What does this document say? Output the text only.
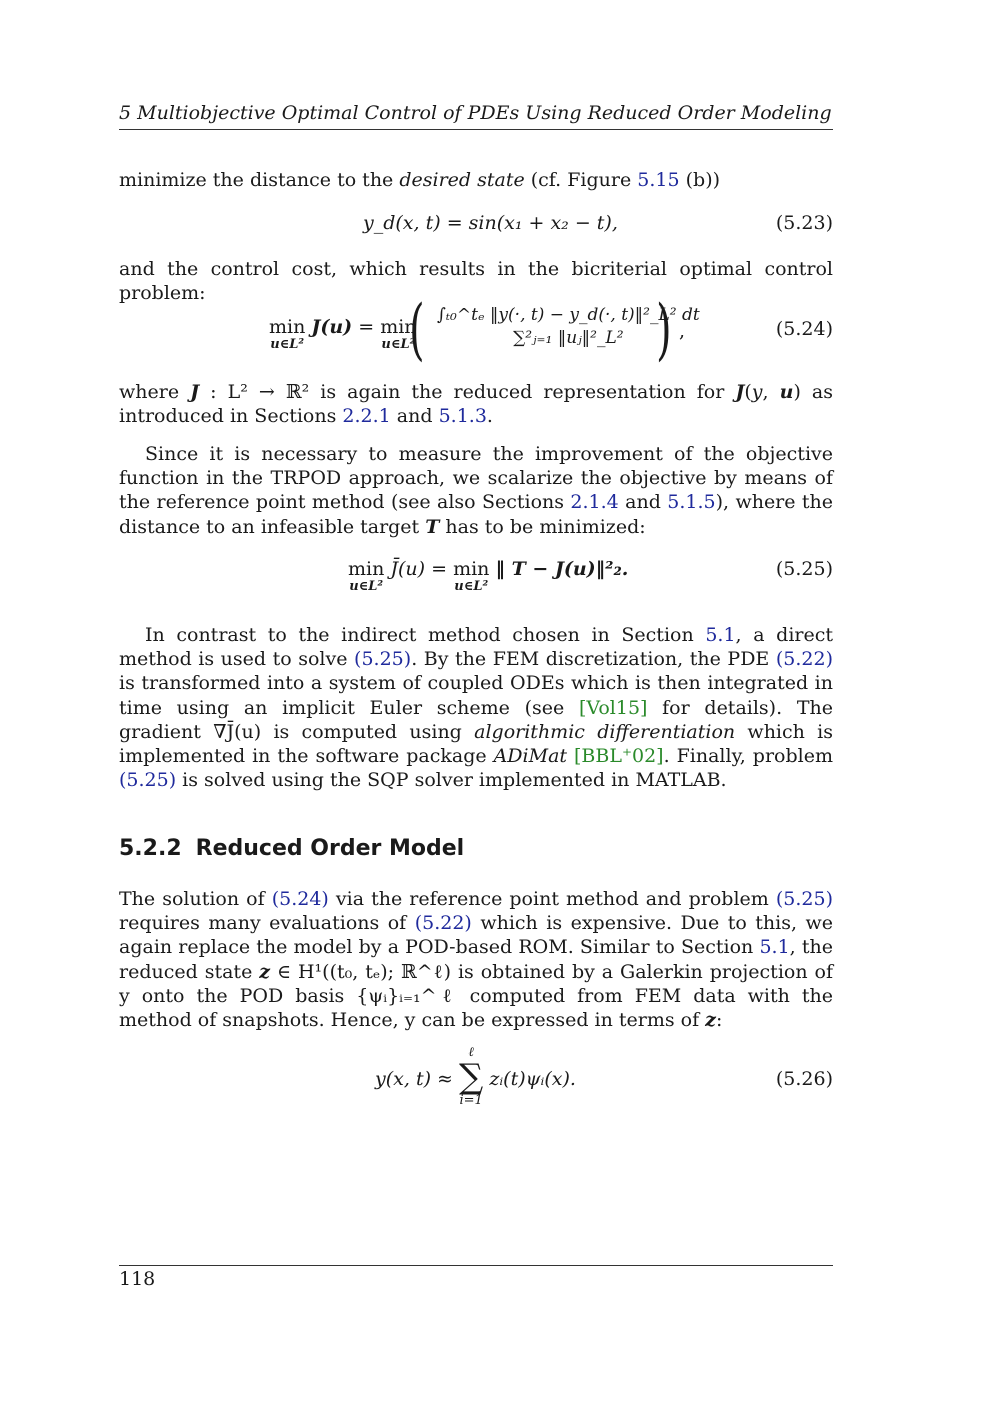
5 Multiobjective Optimal Control of PDEs Using Reduced Order Modeling
minimize the distance to the desired state (cf. Figure 5.15 (b))
y_d(x, t) = sin(x₁ + x₂ − t),	(5.23)
and the control cost, which results in the bicriterial optimal control problem:
min
u∈L²
J(u) = min
u∈L²
( ∫ₜ₀^tₑ ‖y(·, t) − y_d(·, t)‖²_L² dt
∑²ⱼ₌₁ ‖uⱼ‖²_L² ) ,	(5.24)
where J : L² → ℝ² is again the reduced representation for J(y, u) as introduced in Sections 2.2.1 and 5.1.3.
Since it is necessary to measure the improvement of the objective function in the TRPOD approach, we scalarize the objective by means of the reference point method (see also Sections 2.1.4 and 5.1.5), where the distance to an infeasible target T has to be minimized:
min
u∈L²
J̄(u) = min
u∈L²
‖ T − J(u)‖²₂.	(5.25)
In contrast to the indirect method chosen in Section 5.1, a direct method is used to solve (5.25). By the FEM discretization, the PDE (5.22) is transformed into a system of coupled ODEs which is then integrated in time using an implicit Euler scheme (see [Vol15] for details). The gradient ∇J̄(u) is computed using algorithmic differentiation which is implemented in the software package ADiMat [BBL⁺02]. Finally, problem (5.25) is solved using the SQP solver implemented in MATLAB.
5.2.2 Reduced Order Model
The solution of (5.24) via the reference point method and problem (5.25) requires many evaluations of (5.22) which is expensive. Due to this, we again replace the model by a POD-based ROM. Similar to Section 5.1, the reduced state z ∈ H¹((t₀, tₑ); ℝ^ℓ) is obtained by a Galerkin projection of y onto the POD basis {ψᵢ}ᵢ₌₁^ℓ computed from FEM data with the method of snapshots. Hence, y can be expressed in terms of z:
y(x, t) ≈
ℓ
∑
i=1
zᵢ(t)ψᵢ(x).	(5.26)
118
